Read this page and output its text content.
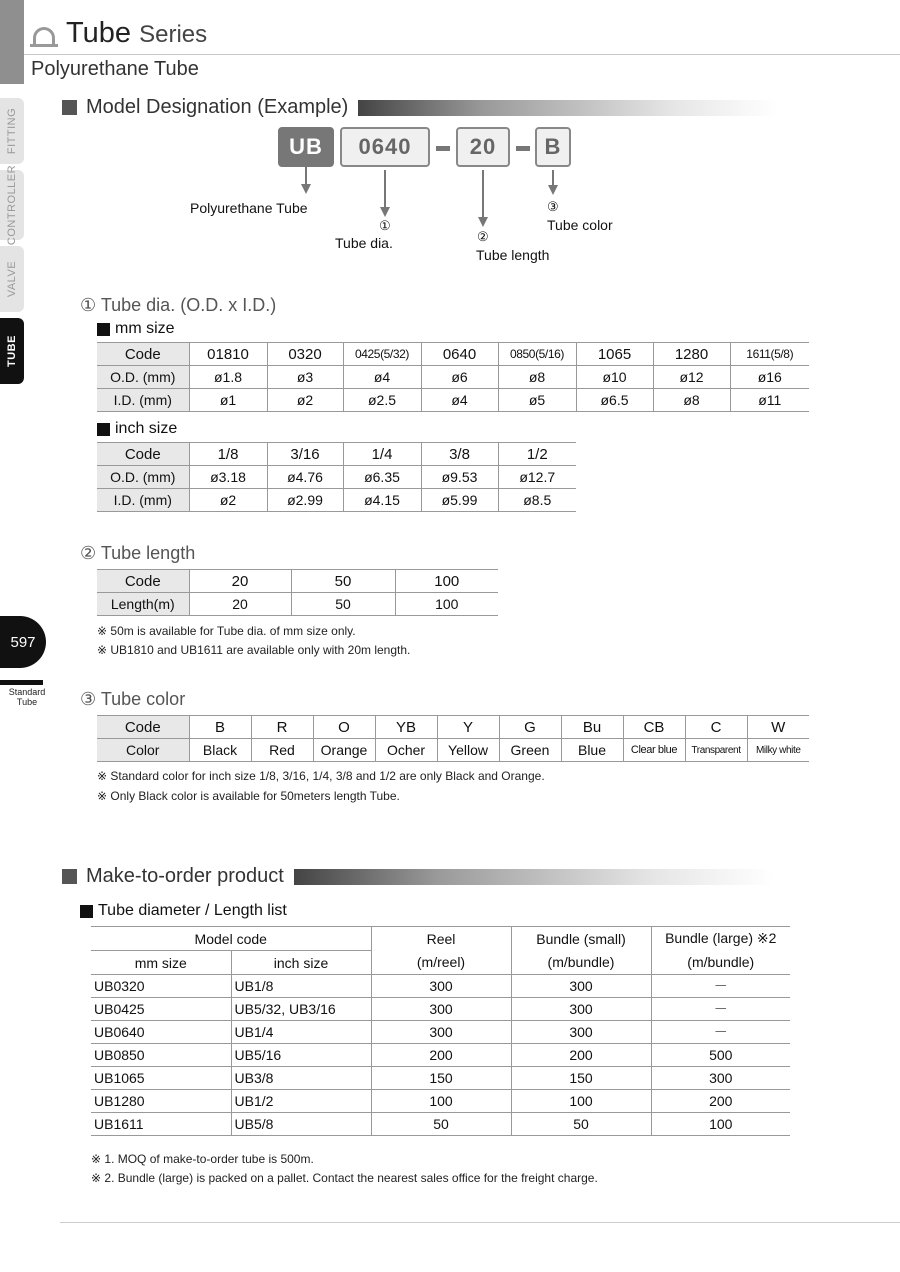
FITTING
CONTROLLER
VALVE
TUBE
597
Standard
Tube
Tube Series
Polyurethane Tube
Model Designation (Example)
UB	0640	20	B
Polyurethane Tube
①
Tube dia.	②
Tube length
③
Tube color
① Tube dia. (O.D. x I.D.)
mm size
Code	01810	0320	0425(5/32)	0640	0850(5/16)	1065	1280	1611(5/8)
O.D. (mm)	ø1.8	ø3	ø4	ø6	ø8	ø10	ø12	ø16
I.D. (mm)	ø1	ø2	ø2.5	ø4	ø5	ø6.5	ø8	ø11
inch size
Code	1/8	3/16	1/4	3/8	1/2
O.D. (mm)	ø3.18	ø4.76	ø6.35	ø9.53	ø12.7
I.D. (mm)	ø2	ø2.99	ø4.15	ø5.99	ø8.5
② Tube length
Code	20	50	100
Length(m)	20	50	100
※ 50m is available for Tube dia. of mm size only.
※ UB1810 and UB1611 are available only with 20m length.
③ Tube color
Code	B	R	O	YB	Y	G	Bu	CB	C	W
Color	Black	Red	Orange	Ocher	Yellow	Green	Blue	Clear blue	Transparent	Milky white
※ Standard color for inch size 1/8, 3/16, 1/4, 3/8 and 1/2 are only Black and Orange.
※ Only Black color is available for 50meters length Tube.
Make-to-order product
Tube diameter / Length list
Model code		Reel	Bundle (small)	Bundle (large) ※2
mm size	inch size	(m/reel)	(m/bundle)	(m/bundle)
UB0320	UB1/8	300	300	－
UB0425	UB5/32, UB3/16	300	300	－
UB0640	UB1/4	300	300	－
UB0850	UB5/16	200	200	500
UB1065	UB3/8	150	150	300
UB1280	UB1/2	100	100	200
UB1611	UB5/8	50	50	100
※ 1. MOQ of make-to-order tube is 500m.
※ 2. Bundle (large) is packed on a pallet. Contact the nearest sales office for the freight charge.
